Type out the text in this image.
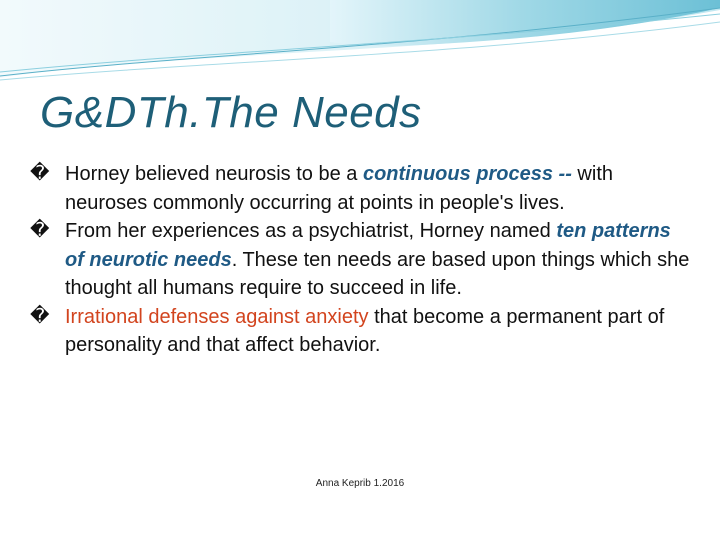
G&DTh.The Needs
� Horney believed neurosis to be a continuous process -- with neuroses commonly occurring at points in people's lives.
� From her experiences as a psychiatrist, Horney named ten patterns of neurotic needs. These ten needs are based upon things which she thought all humans require to succeed in life.
� Irrational defenses against anxiety that become a permanent part of personality and that affect behavior.
Anna Keprib 1.2016
